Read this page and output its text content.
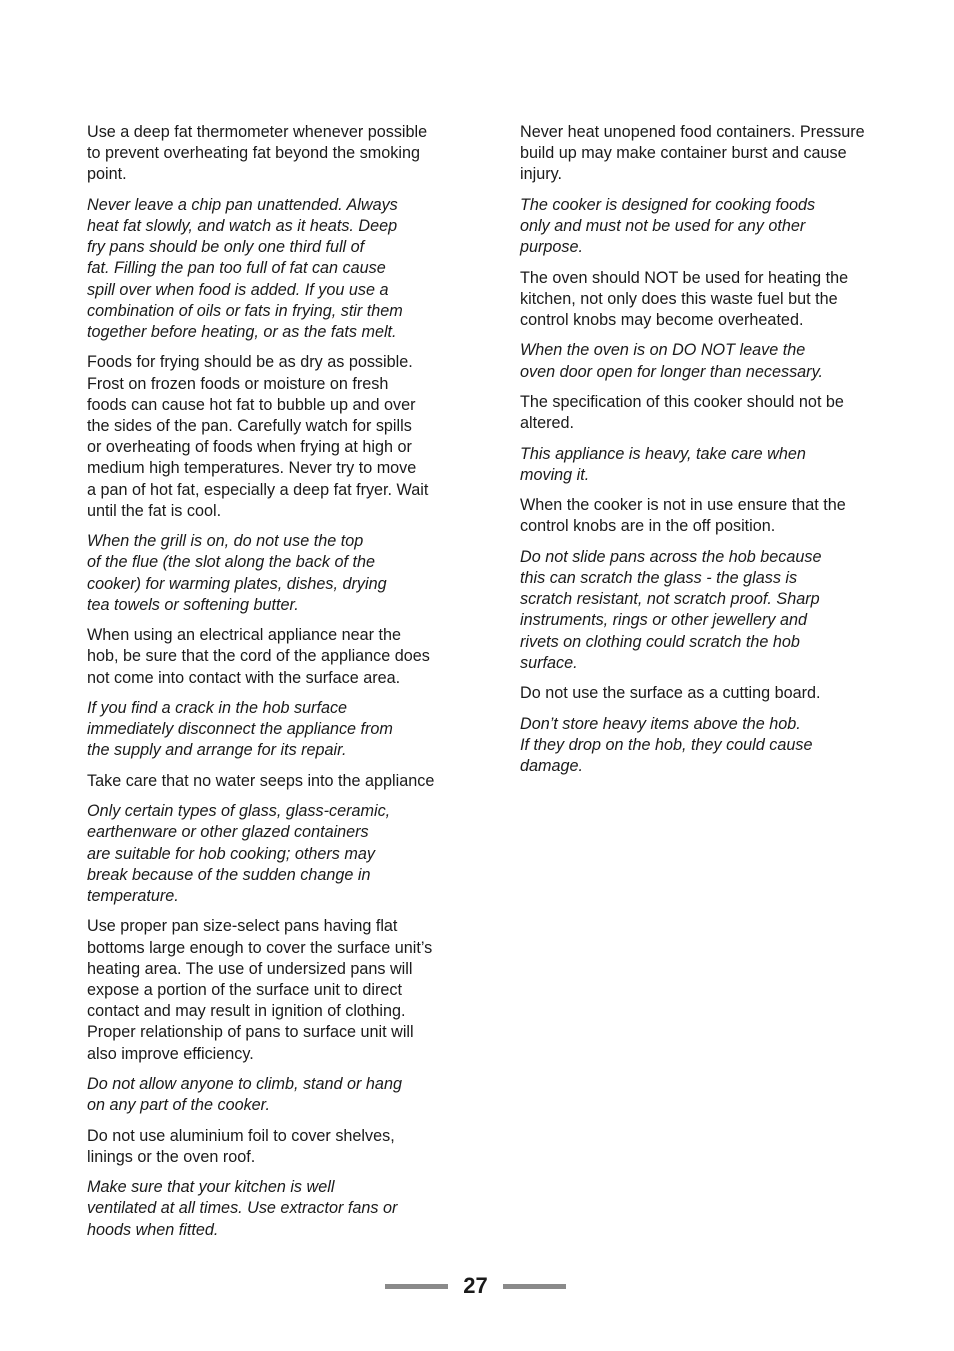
Use a deep fat thermometer whenever possible
to prevent overheating fat beyond the smoking
point.

Never leave a chip pan unattended. Always
heat fat slowly, and watch as it heats. Deep
fry pans should be only one third full of
fat. Filling the pan too full of fat can cause
spill over when food is added. If you use a
combination of oils or fats in frying, stir them
together before heating, or as the fats melt.

Foods for frying should be as dry as possible.
Frost on frozen foods or moisture on fresh
foods can cause hot fat to bubble up and over
the sides of the pan. Carefully watch for spills
or overheating of foods when frying at high or
medium high temperatures. Never try to move
a pan of hot fat, especially a deep fat fryer. Wait
until the fat is cool.

When the grill is on, do not use the top
of the flue (the slot along the back of the
cooker) for warming plates, dishes, drying
tea towels or softening butter.

When using an electrical appliance near the
hob, be sure that the cord of the appliance does
not come into contact with the surface area.

If you find a crack in the hob surface
immediately disconnect the appliance from
the supply and arrange for its repair.

Take care that no water seeps into the appliance

Only certain types of glass, glass-ceramic,
earthenware or other glazed containers
are suitable for hob cooking; others may
break because of the sudden change in
temperature.

Use proper pan size-select pans having flat
bottoms large enough to cover the surface unit’s
heating area. The use of undersized pans will
expose a portion of the surface unit to direct
contact and may result in ignition of clothing.
Proper relationship of pans to surface unit will
also improve efficiency.

Do not allow anyone to climb, stand or hang
on any part of the cooker.

Do not use aluminium foil to cover shelves,
linings or the oven roof.

Make sure that your kitchen is well
ventilated at all times. Use extractor fans or
hoods when fitted.

Never heat unopened food containers. Pressure
build up may make container burst and cause
injury.

The cooker is designed for cooking foods
only and must not be used for any other
purpose.

The oven should NOT be used for heating the
kitchen, not only does this waste fuel but the
control knobs may become overheated.

When the oven is on DO NOT leave the
oven door open for longer than necessary.

The specification of this cooker should not be
altered.

This appliance is heavy, take care when
moving it.

When the cooker is not in use ensure that the
control knobs are in the off position.

Do not slide pans across the hob because
this can scratch the glass - the glass is
scratch resistant, not scratch proof. Sharp
instruments, rings or other jewellery and
rivets on clothing could scratch the hob
surface.

Do not use the surface as a cutting board.

Don’t store heavy items above the hob.
If they drop on the hob, they could cause
damage.

27
